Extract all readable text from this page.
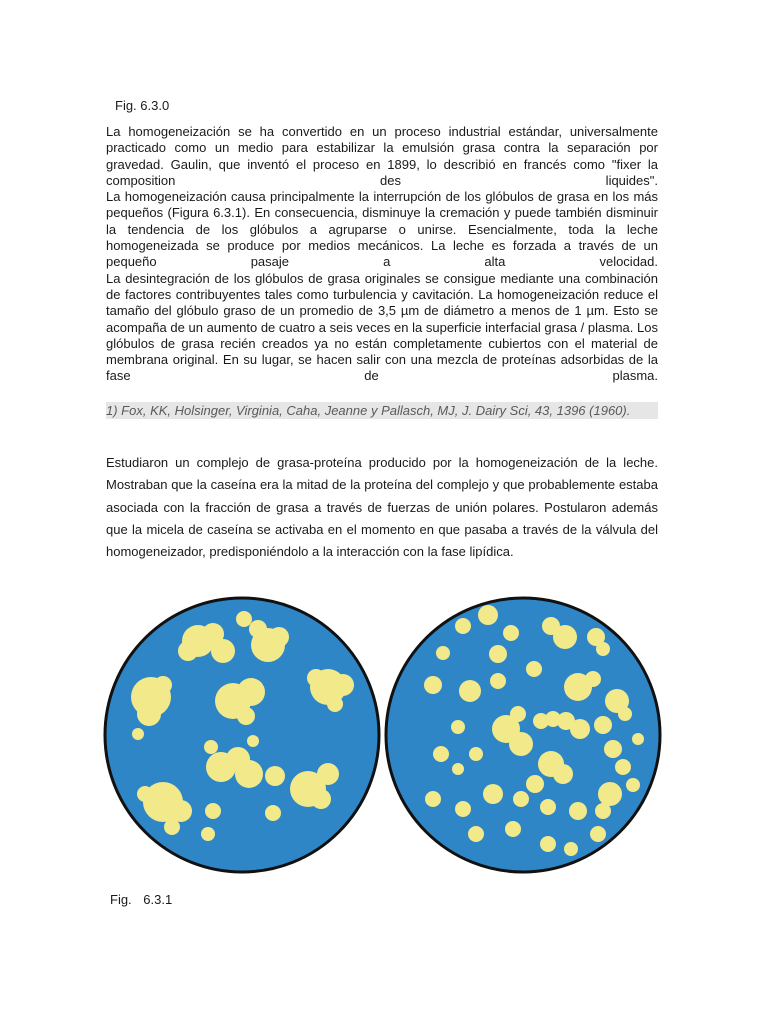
Fig. 6.3.0

La homogeneización se ha convertido en un proceso industrial estándar, universalmente practicado como un medio para estabilizar la emulsión grasa contra la separación por gravedad. Gaulin, que inventó el proceso en 1899, lo describió en francés como "fixer la composition des liquides".

La homogeneización causa principalmente la interrupción de los glóbulos de grasa en los más pequeños (Figura 6.3.1). En consecuencia, disminuye la cremación y puede también disminuir la tendencia de los glóbulos a agruparse o unirse. Esencialmente, toda la leche homogeneizada se produce por medios mecánicos. La leche es forzada a través de un pequeño pasaje a alta velocidad.

La desintegración de los glóbulos de grasa originales se consigue mediante una combinación de factores contribuyentes tales como turbulencia y cavitación. La homogeneización reduce el tamaño del glóbulo graso de un promedio de 3,5 µm de diámetro a menos de 1 µm. Esto se acompaña de un aumento de cuatro a seis veces en la superficie interfacial grasa / plasma. Los glóbulos de grasa recién creados ya no están completamente cubiertos con el material de membrana original. En su lugar, se hacen salir con una mezcla de proteínas adsorbidas de la fase de plasma.

1) Fox, KK, Holsinger, Virginia, Caha, Jeanne y Pallasch, MJ, J. Dairy Sci, 43, 1396 (1960).

Estudiaron un complejo de grasa-proteína producido por la homogeneización de la leche. Mostraban que la caseína era la mitad de la proteína del complejo y que probablemente estaba asociada con la fracción de grasa a través de fuerzas de unión polares. Postularon además que la micela de caseína se activaba en el momento en que pasaba a través de la válvula del homogeneizador, predisponiéndolo a la interacción con la fase lipídica.

Fig. 6.3.1
